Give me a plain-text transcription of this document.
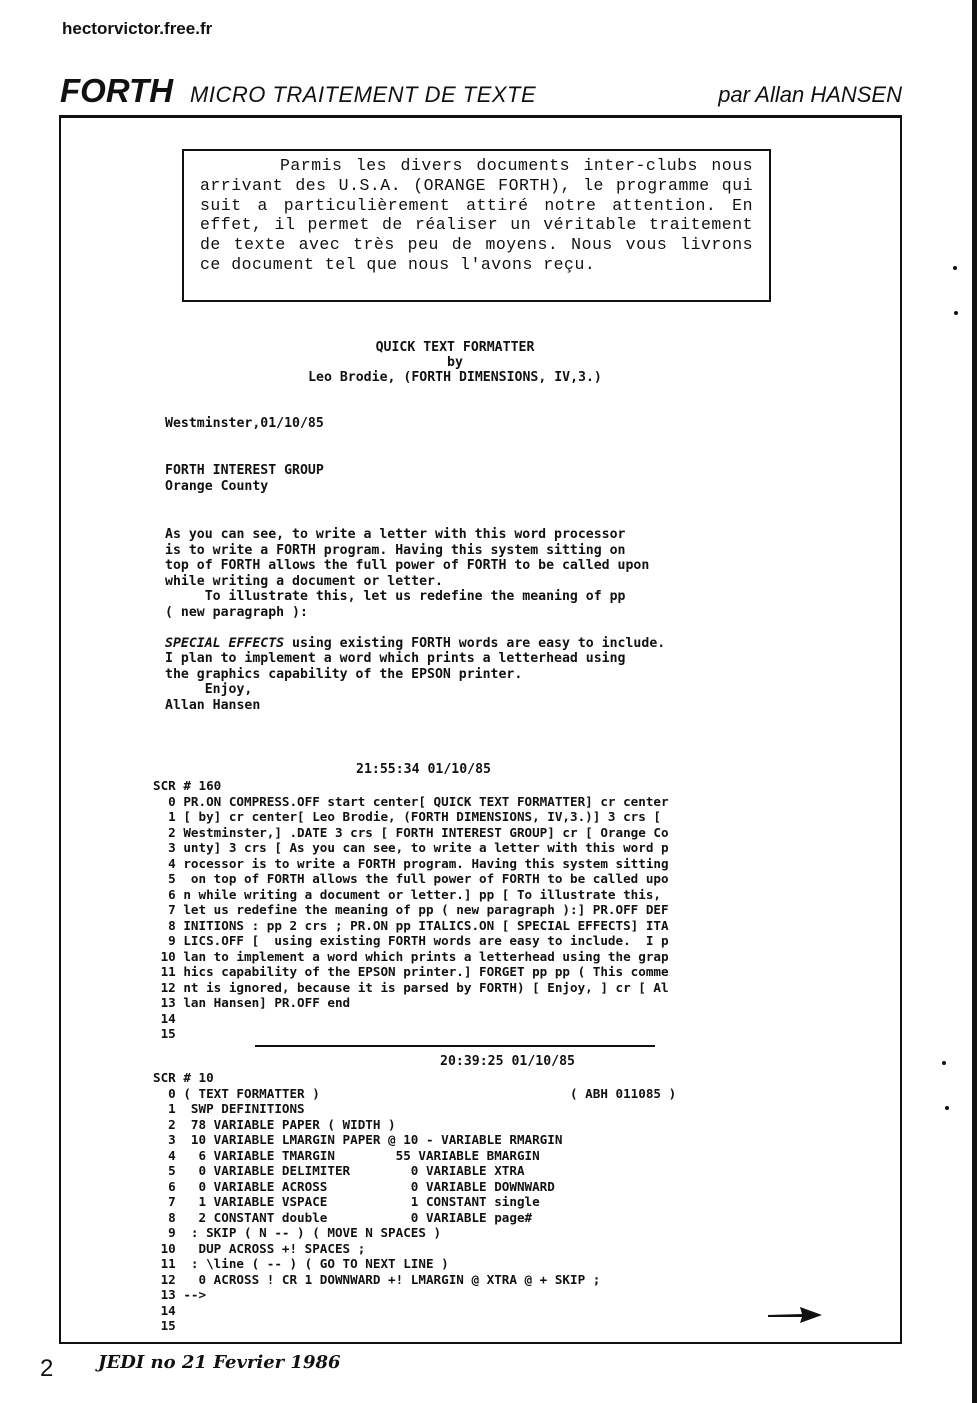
hectorvictor.free.fr
FORTH MICRO TRAITEMENT DE TEXTE	par Allan HANSEN

Parmis les divers documents inter-clubs nous arrivant des U.S.A. (ORANGE FORTH), le programme qui suit a particulièrement attiré notre attention. En effet, il permet de réaliser un véritable traitement de texte avec très peu de moyens. Nous vous livrons ce document tel que nous l'avons reçu.

QUICK TEXT FORMATTER
by
Leo Brodie, (FORTH DIMENSIONS, IV,3.)
Westminster,01/10/85
FORTH INTEREST GROUP
Orange County
As you can see, to write a letter with this word processor
is to write a FORTH program. Having this system sitting on
top of FORTH allows the full power of FORTH to be called upon
while writing a document or letter.
To illustrate this, let us redefine the meaning of pp
( new paragraph ):
SPECIAL EFFECTS using existing FORTH words are easy to include.
I plan to implement a word which prints a letterhead using
the graphics capability of the EPSON printer.
Enjoy,
Allan Hansen
21:55:34 01/10/85
SCR # 160
0 PR.ON COMPRESS.OFF start center[ QUICK TEXT FORMATTER] cr center
1 [ by] cr center[ Leo Brodie, (FORTH DIMENSIONS, IV,3.)] 3 crs [
2 Westminster,] .DATE 3 crs [ FORTH INTEREST GROUP] cr [ Orange Co
3 unty] 3 crs [ As you can see, to write a letter with this word p
4 rocessor is to write a FORTH program. Having this system sitting
5  on top of FORTH allows the full power of FORTH to be called upo
6 n while writing a document or letter.] pp [ To illustrate this,
7 let us redefine the meaning of pp ( new paragraph ):] PR.OFF DEF
8 INITIONS : pp 2 crs ; PR.ON pp ITALICS.ON [ SPECIAL EFFECTS] ITA
9 LICS.OFF [  using existing FORTH words are easy to include.  I p
10 lan to implement a word which prints a letterhead using the grap
11 hics capability of the EPSON printer.] FORGET pp pp ( This comme
12 nt is ignored, because it is parsed by FORTH) [ Enjoy, ] cr [ Al
13 lan Hansen] PR.OFF end
14
15
20:39:25 01/10/85
SCR # 10
0 ( TEXT FORMATTER )                                 ( ABH 011085 )
1  SWP DEFINITIONS
2  78 VARIABLE PAPER ( WIDTH )
3  10 VARIABLE LMARGIN PAPER @ 10 - VARIABLE RMARGIN
4   6 VARIABLE TMARGIN        55 VARIABLE BMARGIN
5   0 VARIABLE DELIMITER        0 VARIABLE XTRA
6   0 VARIABLE ACROSS           0 VARIABLE DOWNWARD
7   1 VARIABLE VSPACE           1 CONSTANT single
8   2 CONSTANT double           0 VARIABLE page#
9  : SKIP ( N -- ) ( MOVE N SPACES )
10   DUP ACROSS +! SPACES ;
11  : \line ( -- ) ( GO TO NEXT LINE )
12   0 ACROSS ! CR 1 DOWNWARD +! LMARGIN @ XTRA @ + SKIP ;
13 -->
14
15
2 JEDI no 21 Fevrier 1986
